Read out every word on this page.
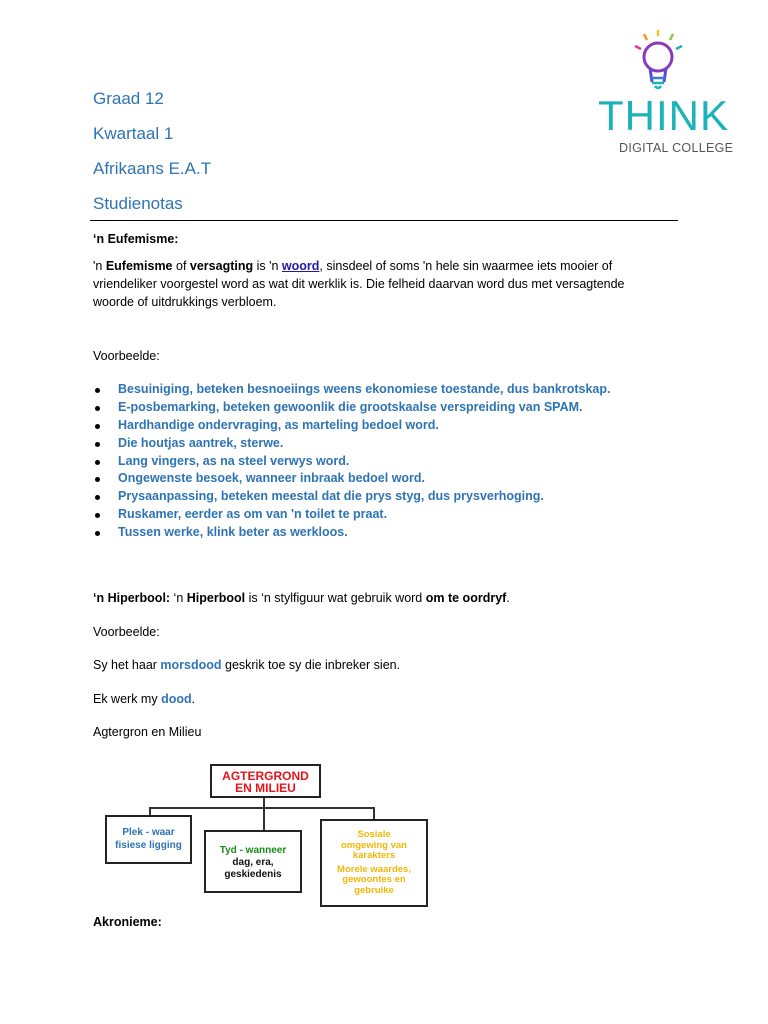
Graad 12
Kwartaal 1
Afrikaans E.A.T
Studienotas
THINK
DIGITAL COLLEGE
‘n Eufemisme:
'n Eufemisme of versagting is 'n woord, sinsdeel of soms 'n hele sin waarmee iets mooier of
vriendeliker voorgestel word as wat dit werklik is. Die felheid daarvan word dus met versagtende
woorde of uitdrukkings verbloem.
Voorbeelde:
Besuiniging, beteken besnoeiings weens ekonomiese toestande, dus bankrotskap.
E-posbemarking, beteken gewoonlik die grootskaalse verspreiding van SPAM.
Hardhandige ondervraging, as marteling bedoel word.
Die houtjas aantrek, sterwe.
Lang vingers, as na steel verwys word.
Ongewenste besoek, wanneer inbraak bedoel word.
Prysaanpassing, beteken meestal dat die prys styg, dus prysverhoging.
Ruskamer, eerder as om van 'n toilet te praat.
Tussen werke, klink beter as werkloos.
‘n Hiperbool: ‘n Hiperbool is ‘n stylfiguur wat gebruik word om te oordryf.
Voorbeelde:
Sy het haar morsdood geskrik toe sy die inbreker sien.
Ek werk my dood.
Agtergron en Milieu
AGTERGROND
EN MILIEU
Plek - waar
fisiese ligging	Tyd - wanneer
dag, era,
geskiedenis
Sosiale
omgewing van
karakters
Morele waardes,
gewoontes en
gebruike
Akronieme:
